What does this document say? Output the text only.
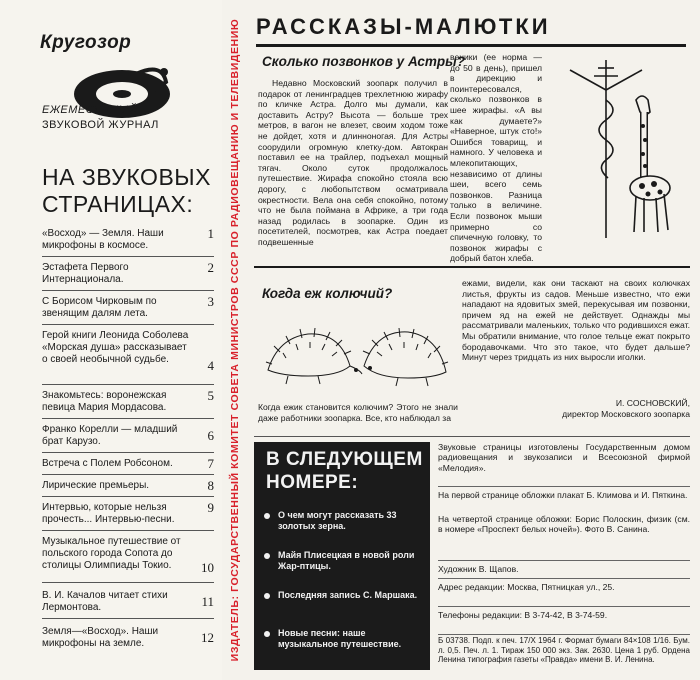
Кругозор
ЕЖЕМЕСЯЧНЫЙ
ЗВУКОВОЙ ЖУРНАЛ
НА ЗВУКОВЫХ
СТРАНИЦАХ:
«Восход» — Земля. Наши микрофоны в космосе.
1
Эстафета Первого Интернационала.
2
С Борисом Чирковым по звенящим далям лета.
3
Герой книги Леонида Соболева «Морская душа» рассказывает о своей необычной судьбе.	4
Знакомьтесь: воронежская певица Мария Мордасова.
5
Франко Корелли — младший брат Карузо.	6
Встреча с Полем Робсоном.	7
Лирические премьеры.	8
Интервью, которые нельзя прочесть... Интервью-песни.
9
Музыкальное путешествие от польского города Сопота до столицы Олимпиады Токио.	10
В. И. Качалов читает стихи Лермонтова.	11
Земля—«Восход». Наши микрофоны на земле.	12 ИЗДАТЕЛЬ: ГОСУДАРСТВЕННЫЙ КОМИТЕТ СОВЕТА МИНИСТРОВ СССР ПО РАДИОВЕЩАНИЮ И ТЕЛЕВИДЕНИЮ РАССКАЗЫ-МАЛЮТКИ
Сколько позвонков у Астры?
Недавно Московский зоопарк получил в подарок от ленинградцев трехлетнюю жирафу по кличке Астра. Долго мы думали, как доставить Астру? Высота — больше трех метров, в вагон не влезет, своим ходом тоже не дойдет, хотя и длинноногая. Для Астры соорудили огромную клетку-дом. Автокран поставил ее на трайлер, подъехал мощный тягач. Около суток продолжалось путешествие. Жирафа спокойно стояла всю дорогу, с любопытством осматривала окрестности. Вела она себя спокойно, потому что не была поймана в Африке, а три года назад родилась в зоопарке. Один из посетителей, посмотрев, как Астра поедает подвешенные
веники (ее норма — до 50 в день), пришел в дирекцию и поинтересовался, сколько позвонков в шее жирафы. «А вы как думаете?» «Наверное, штук сто!» Ошибся товарищ, и намного. У человека и млекопитающих, независимо от длины шеи, всего семь позвонков. Разница только в величине. Если позвонок мыши примерно со спичечную головку, то позвонок жирафы с добрый батон хлеба.
Когда еж колючий?
Когда ежик становится колючим? Этого не знали даже работники зоопарка. Все, кто наблюдал за
ежами, видели, как они таскают на своих колючках листья, фрукты из садов. Меньше известно, что ежи нападают на ядовитых змей, перекусывая им позвонки, причем яд на ежей не действует. Однажды мы рассматривали маленьких, только что родившихся ежат. Мы обратили внимание, что голое тельце ежат покрыто бородавочками. Что это такое, что будет дальше? Минут через тридцать из них выросли иголки.
И. СОСНОВСКИЙ,
директор Московского зоопарка
В СЛЕДУЮЩЕМ
НОМЕРЕ:
О чем могут рассказать 33 золотых зерна.
Майя Плисецкая в новой роли Жар-птицы.
Последняя запись С. Маршака.
Новые песни: наше музыкальное путешествие.
Звуковые страницы изготовлены Государственным домом радиовещания и звукозаписи и Всесоюзной фирмой «Мелодия».
На первой странице обложки плакат Б. Климова и И. Пяткина.
На четвертой странице обложки: Борис Полоскин, физик (см. в номере «Проспект белых ночей»). Фото В. Санина.
Художник В. Щапов.
Адрес редакции: Москва, Пятницкая ул., 25.
Телефоны редакции: В 3-74-42, В 3-74-59.
Б 03738. Подп. к печ. 17/X 1964 г. Формат бумаги 84×108 1/16. Бум. л. 0,5. Печ. л. 1. Тираж 150 000 экз. Зак. 2630. Цена 1 руб. Ордена Ленина типография газеты «Правда» имени В. И. Ленина.
